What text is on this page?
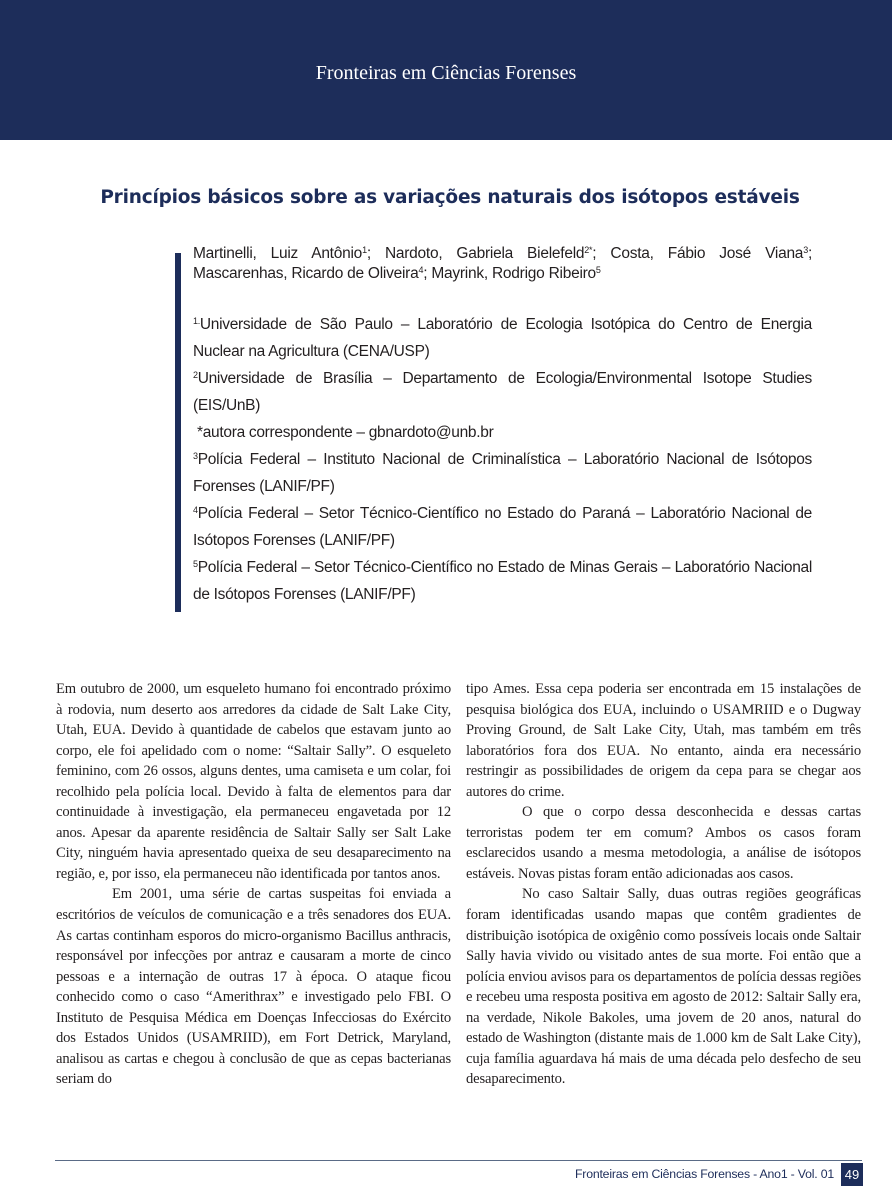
Fronteiras em Ciências Forenses
Princípios básicos sobre as variações naturais dos isótopos estáveis
Martinelli, Luiz Antônio$^1$; Nardoto, Gabriela Bielefeld$^{2*}$; Costa, Fábio José Viana$^3$; Mascarenhas, Ricardo de Oliveira$^4$; Mayrink, Rodrigo Ribeiro$^5$
$^{1.}$Universidade de São Paulo – Laboratório de Ecologia Isotópica do Centro de Energia Nuclear na Agricultura (CENA/USP)
$^2$Universidade de Brasília – Departamento de Ecologia/Environmental Isotope Studies (EIS/UnB)
*autora correspondente – gbnardoto@unb.br
$^3$Polícia Federal – Instituto Nacional de Criminalística – Laboratório Nacional de Isótopos Forenses (LANIF/PF)
$^4$Polícia Federal – Setor Técnico-Científico no Estado do Paraná – Laboratório Nacional de Isótopos Forenses (LANIF/PF)
$^5$Polícia Federal – Setor Técnico-Científico no Estado de Minas Gerais – Laboratório Nacional de Isótopos Forenses (LANIF/PF)

Em outubro de 2000, um esqueleto humano foi encontrado próximo à rodovia, num deserto aos arredores da cidade de Salt Lake City, Utah, EUA. Devido à quantidade de cabelos que estavam junto ao corpo, ele foi apelidado com o nome: “Saltair Sally”. O esqueleto feminino, com 26 ossos, alguns dentes, uma camiseta e um colar, foi recolhido pela polícia local. Devido à falta de elementos para dar continuidade à investigação, ela permaneceu engavetada por 12 anos. Apesar da aparente residência de Saltair Sally ser Salt Lake City, ninguém havia apresentado queixa de seu desaparecimento na região, e, por isso, ela permaneceu não identificada por tantos anos.

Em 2001, uma série de cartas suspeitas foi enviada a escritórios de veículos de comunicação e a três senadores dos EUA. As cartas continham esporos do micro-organismo Bacillus anthracis, responsável por infecções por antraz e causaram a morte de cinco pessoas e a internação de outras 17 à época. O ataque ficou conhecido como o caso “Amerithrax” e investigado pelo FBI. O Instituto de Pesquisa Médica em Doenças Infecciosas do Exército dos Estados Unidos (USAMRIID), em Fort Detrick, Maryland, analisou as cartas e chegou à conclusão de que as cepas bacterianas seriam do

tipo Ames. Essa cepa poderia ser encontrada em 15 instalações de pesquisa biológica dos EUA, incluindo o USAMRIID e o Dugway Proving Ground, de Salt Lake City, Utah, mas também em três laboratórios fora dos EUA. No entanto, ainda era necessário restringir as possibilidades de origem da cepa para se chegar aos autores do crime.

O que o corpo dessa desconhecida e dessas cartas terroristas podem ter em comum? Ambos os casos foram esclarecidos usando a mesma metodologia, a análise de isótopos estáveis. Novas pistas foram então adicionadas aos casos.

No caso Saltair Sally, duas outras regiões geográficas foram identificadas usando mapas que contêm gradientes de distribuição isotópica de oxigênio como possíveis locais onde Saltair Sally havia vivido ou visitado antes de sua morte. Foi então que a polícia enviou avisos para os departamentos de polícia dessas regiões e recebeu uma resposta positiva em agosto de 2012: Saltair Sally era, na verdade, Nikole Bakoles, uma jovem de 20 anos, natural do estado de Washington (distante mais de 1.000 km de Salt Lake City), cuja família aguardava há mais de uma década pelo desfecho de seu desaparecimento.

Fronteiras em Ciências Forenses - Ano1 - Vol. 01 49
